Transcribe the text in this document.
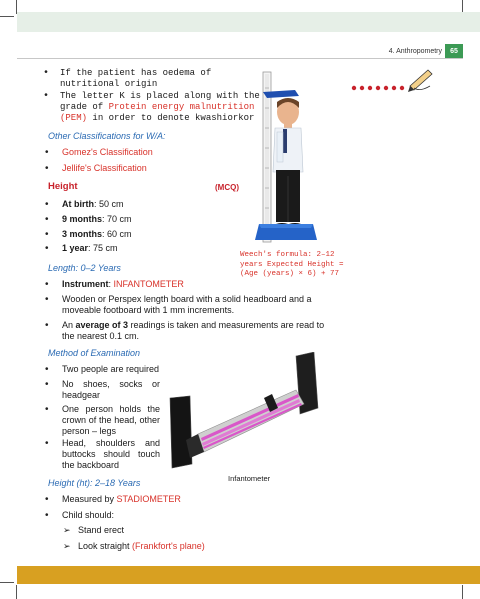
4. Anthropometry	65
• If the patient has oedema of nutritional origin
• The letter K is placed along with the grade of Protein energy malnutrition (PEM) in order to denote kwashiorkor
Other Classifications for W/A:
• Gomez's Classification
• Jellife's Classification
Height	(MCQ)
• At birth: 50 cm
• 9 months: 70 cm
• 3 months: 60 cm
• 1 year: 75 cm
Length: 0–2 Years
Weech's formula: 2–12 years Expected Height = (Age (years) × 6) + 77
• Instrument: INFANTOMETER
• Wooden or Perspex length board with a solid headboard and a moveable footboard with 1 mm increments.
• An average of 3 readings is taken and measurements are read to the nearest 0.1 cm.
Method of Examination
• Two people are required
• No shoes, socks or headgear
• One person holds the crown of the head, other person – legs
• Head, shoulders and buttocks should touch the backboard
Infantometer
Height (ht): 2–18 Years
• Measured by STADIOMETER
• Child should:
➢ Stand erect
➢ Look straight (Frankfort's plane)
